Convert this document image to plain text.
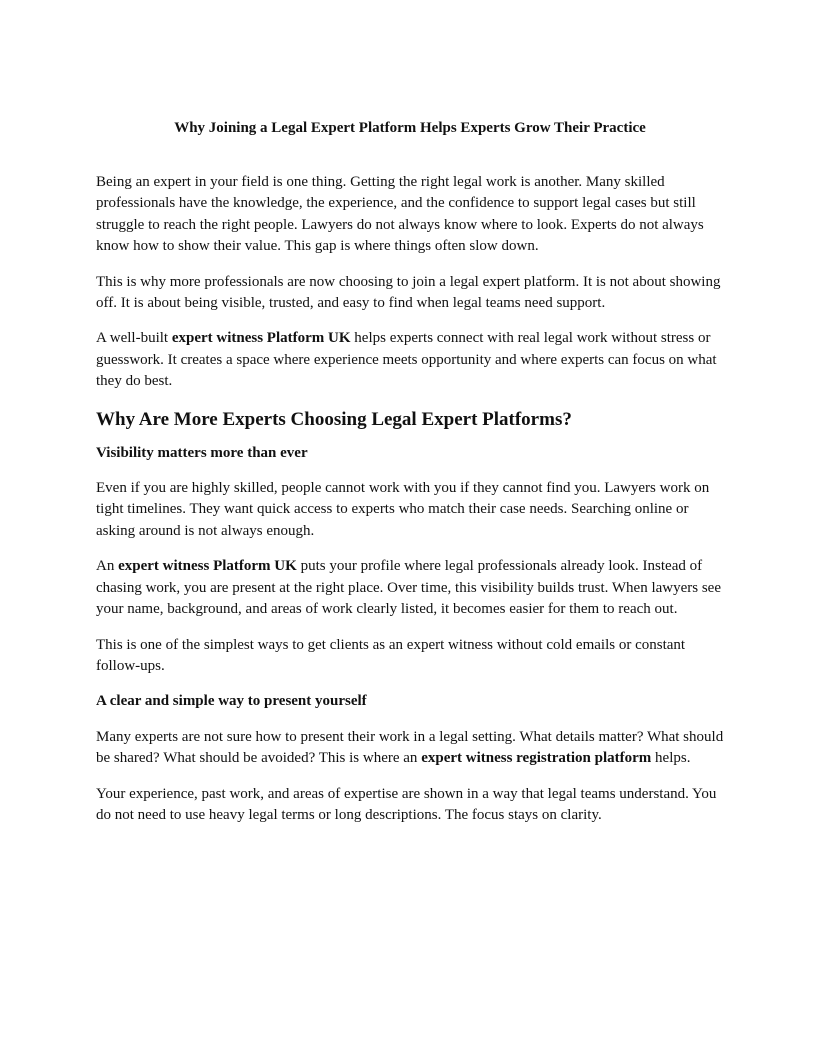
Why Joining a Legal Expert Platform Helps Experts Grow Their Practice

Being an expert in your field is one thing. Getting the right legal work is another. Many skilled professionals have the knowledge, the experience, and the confidence to support legal cases but still struggle to reach the right people. Lawyers do not always know where to look. Experts do not always know how to show their value. This gap is where things often slow down.

This is why more professionals are now choosing to join a legal expert platform. It is not about showing off. It is about being visible, trusted, and easy to find when legal teams need support.

A well-built expert witness Platform UK helps experts connect with real legal work without stress or guesswork. It creates a space where experience meets opportunity and where experts can focus on what they do best.

Why Are More Experts Choosing Legal Expert Platforms?
Visibility matters more than ever

Even if you are highly skilled, people cannot work with you if they cannot find you. Lawyers work on tight timelines. They want quick access to experts who match their case needs. Searching online or asking around is not always enough.

An expert witness Platform UK puts your profile where legal professionals already look. Instead of chasing work, you are present at the right place. Over time, this visibility builds trust. When lawyers see your name, background, and areas of work clearly listed, it becomes easier for them to reach out.

This is one of the simplest ways to get clients as an expert witness without cold emails or constant follow-ups.

A clear and simple way to present yourself

Many experts are not sure how to present their work in a legal setting. What details matter? What should be shared? What should be avoided? This is where an expert witness registration platform helps.

Your experience, past work, and areas of expertise are shown in a way that legal teams understand. You do not need to use heavy legal terms or long descriptions. The focus stays on clarity.
